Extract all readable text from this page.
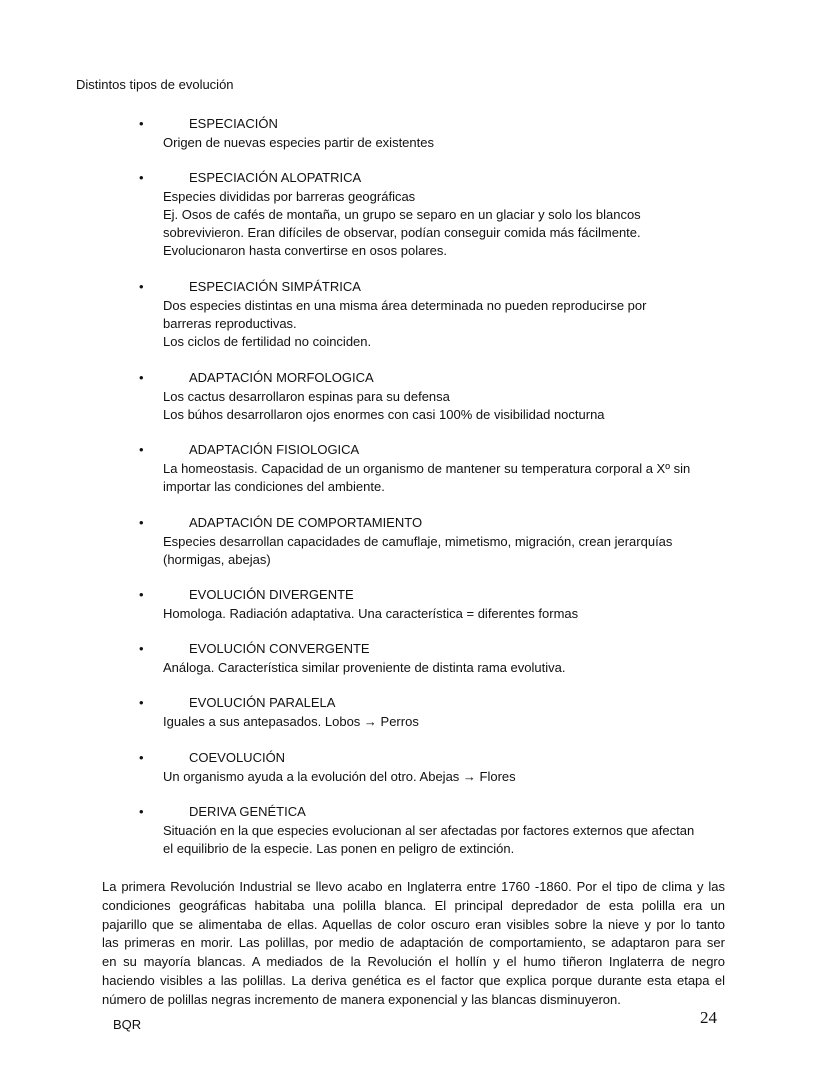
Distintos tipos de evolución
•	ESPECIACIÓN
Origen de nuevas especies partir de existentes
•	ESPECIACIÓN ALOPATRICA
Especies divididas por barreras geográficas
Ej. Osos de cafés de montaña, un grupo se separo en un glaciar y solo los blancos
sobrevivieron. Eran difíciles de observar, podían conseguir comida más fácilmente.
Evolucionaron hasta convertirse en osos polares.
•	ESPECIACIÓN SIMPÁTRICA
Dos especies distintas en una misma área determinada no pueden reproducirse por
barreras reproductivas.
Los ciclos de fertilidad no coinciden.
•	ADAPTACIÓN MORFOLOGICA
Los cactus desarrollaron espinas para su defensa
Los búhos desarrollaron ojos enormes con casi 100% de visibilidad nocturna
•	ADAPTACIÓN FISIOLOGICA
La homeostasis. Capacidad de un organismo de mantener su temperatura corporal a Xº sin
importar las condiciones del ambiente.
•	ADAPTACIÓN DE COMPORTAMIENTO
Especies desarrollan capacidades de camuflaje, mimetismo, migración, crean jerarquías
(hormigas, abejas)
•	EVOLUCIÓN DIVERGENTE
Homologa. Radiación adaptativa. Una característica = diferentes formas
•	EVOLUCIÓN CONVERGENTE
Análoga. Característica similar proveniente de distinta rama evolutiva.
•	EVOLUCIÓN PARALELA
Iguales a sus antepasados. Lobos → Perros
•	COEVOLUCIÓN
Un organismo ayuda a la evolución del otro. Abejas → Flores
•	DERIVA GENÉTICA
Situación en la que especies evolucionan al ser afectadas por factores externos que afectan
el equilibrio de la especie. Las ponen en peligro de extinción.
La primera Revolución Industrial se llevo acabo en Inglaterra entre 1760 -1860. Por el tipo de clima y las
condiciones geográficas habitaba una polilla blanca. El principal depredador de esta polilla era un
pajarillo que se alimentaba de ellas. Aquellas de color oscuro eran visibles sobre la nieve y por lo tanto
las primeras en morir. Las polillas, por medio de adaptación de comportamiento, se adaptaron para ser
en su mayoría blancas. A mediados de la Revolución el hollín y el humo tiñeron Inglaterra de negro
haciendo visibles a las polillas. La deriva genética es el factor que explica porque durante esta etapa el
número de polillas negras incremento de manera exponencial y las blancas disminuyeron.
BQR	24
